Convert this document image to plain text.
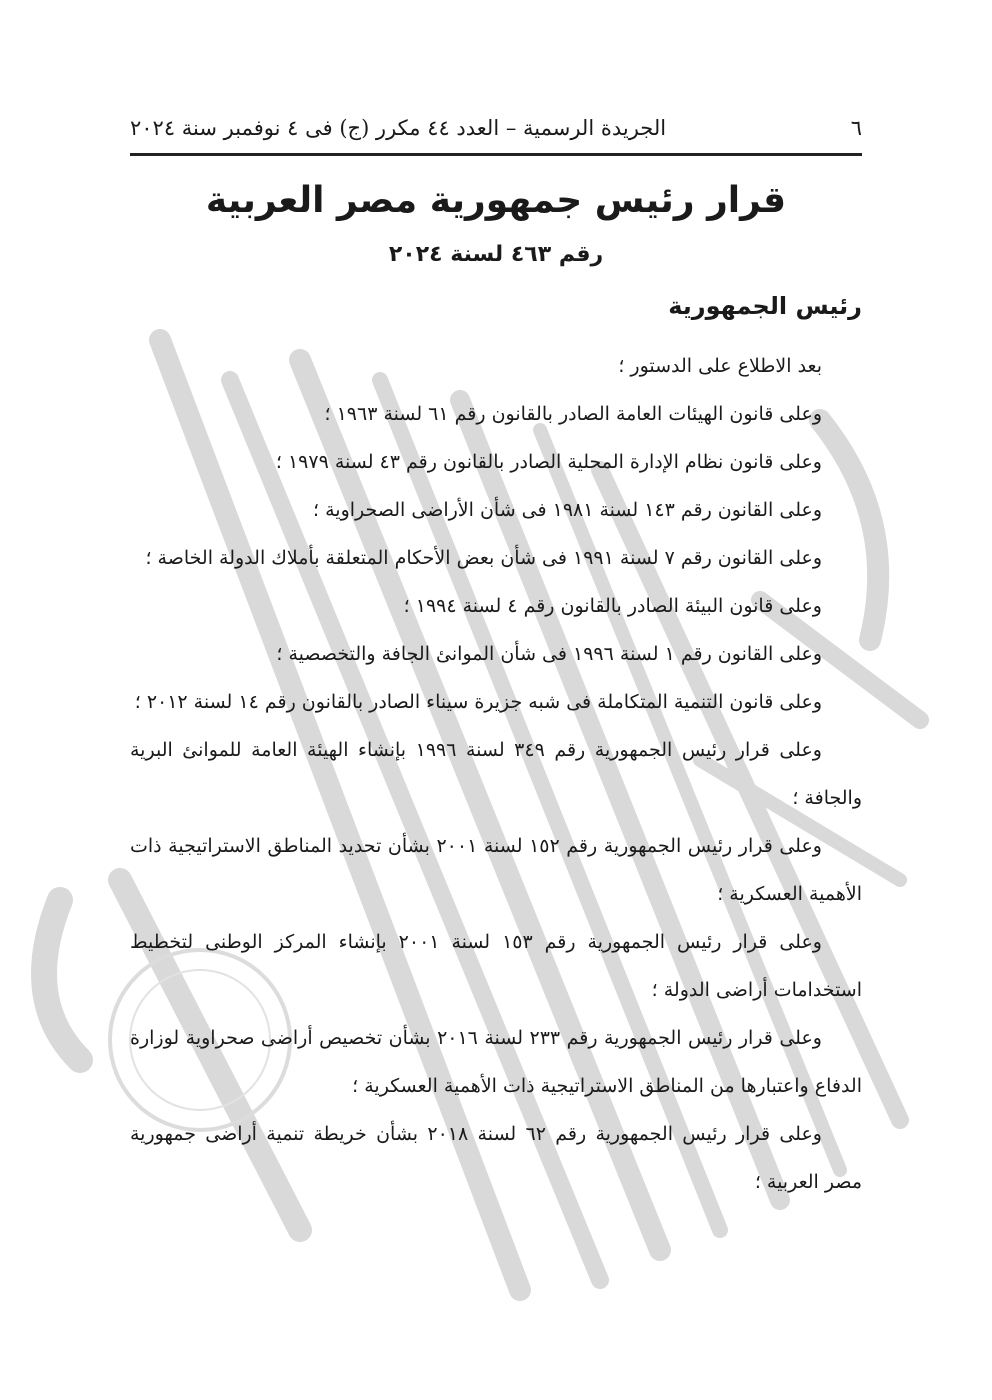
٦
الجريدة الرسمية – العدد ٤٤ مكرر (ج) فى ٤ نوفمبر سنة ٢٠٢٤
قرار رئيس جمهورية مصر العربية
رقم ٤٦٣ لسنة ٢٠٢٤
رئيس الجمهورية

بعد الاطلاع على الدستور ؛

وعلى قانون الهيئات العامة الصادر بالقانون رقم ٦١ لسنة ١٩٦٣ ؛

وعلى قانون نظام الإدارة المحلية الصادر بالقانون رقم ٤٣ لسنة ١٩٧٩ ؛

وعلى القانون رقم ١٤٣ لسنة ١٩٨١ فى شأن الأراضى الصحراوية ؛

وعلى القانون رقم ٧ لسنة ١٩٩١ فى شأن بعض الأحكام المتعلقة بأملاك الدولة الخاصة ؛

وعلى قانون البيئة الصادر بالقانون رقم ٤ لسنة ١٩٩٤ ؛

وعلى القانون رقم ١ لسنة ١٩٩٦ فى شأن الموانئ الجافة والتخصصية ؛

وعلى قانون التنمية المتكاملة فى شبه جزيرة سيناء الصادر بالقانون رقم ١٤ لسنة ٢٠١٢ ؛

وعلى قرار رئيس الجمهورية رقم ٣٤٩ لسنة ١٩٩٦ بإنشاء الهيئة العامة للموانئ البرية والجافة ؛

وعلى قرار رئيس الجمهورية رقم ١٥٢ لسنة ٢٠٠١ بشأن تحديد المناطق الاستراتيجية ذات الأهمية العسكرية ؛

وعلى قرار رئيس الجمهورية رقم ١٥٣ لسنة ٢٠٠١ بإنشاء المركز الوطنى لتخطيط استخدامات أراضى الدولة ؛

وعلى قرار رئيس الجمهورية رقم ٢٣٣ لسنة ٢٠١٦ بشأن تخصيص أراضى صحراوية لوزارة الدفاع واعتبارها من المناطق الاستراتيجية ذات الأهمية العسكرية ؛

وعلى قرار رئيس الجمهورية رقم ٦٢ لسنة ٢٠١٨ بشأن خريطة تنمية أراضى جمهورية مصر العربية ؛
